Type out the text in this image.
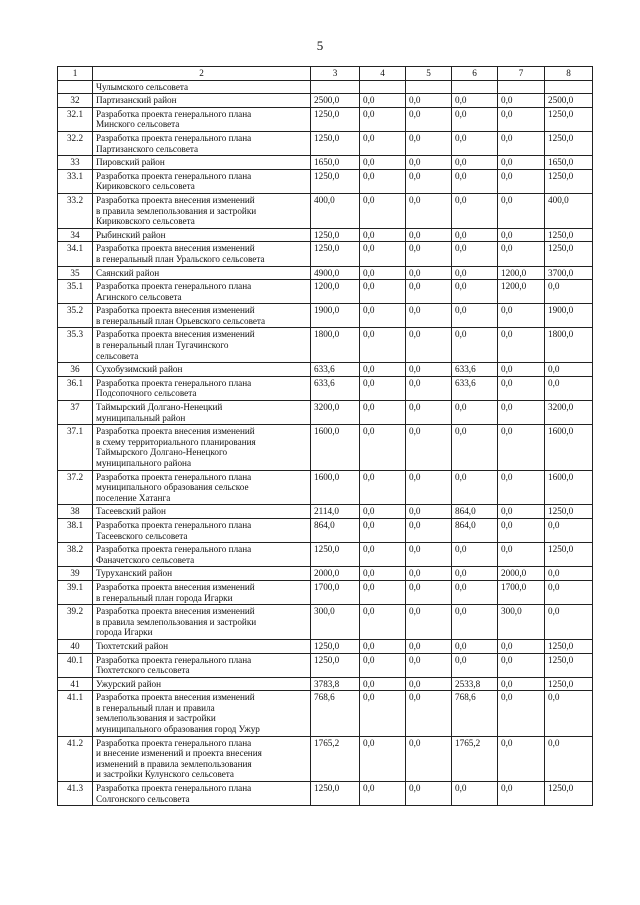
5
1	2	3	4	5	6	7	8
	Чулымского сельсовета						
32	Партизанский район	2500,0	0,0	0,0	0,0	0,0	2500,0
32.1	Разработка проекта генерального плана
Минского сельсовета	1250,0	0,0	0,0	0,0	0,0	1250,0
32.2	Разработка проекта генерального плана
Партизанского сельсовета	1250,0	0,0	0,0	0,0	0,0	1250,0
33	Пировский район	1650,0	0,0	0,0	0,0	0,0	1650,0
33.1	Разработка проекта генерального плана
Кириковского сельсовета	1250,0	0,0	0,0	0,0	0,0	1250,0
33.2	Разработка проекта внесения изменений
в правила землепользования и застройки
Кириковского сельсовета	400,0	0,0	0,0	0,0	0,0	400,0
34	Рыбинский район	1250,0	0,0	0,0	0,0	0,0	1250,0
34.1	Разработка проекта внесения изменений
в генеральный план Уральского сельсовета	1250,0	0,0	0,0	0,0	0,0	1250,0
35	Саянский район	4900,0	0,0	0,0	0,0	1200,0	3700,0
35.1	Разработка проекта генерального плана
Агинского сельсовета	1200,0	0,0	0,0	0,0	1200,0	0,0
35.2	Разработка проекта внесения изменений
в генеральный план Орьевского сельсовета	1900,0	0,0	0,0	0,0	0,0	1900,0
35.3	Разработка проекта внесения изменений
в генеральный план Тугачинского
сельсовета	1800,0	0,0	0,0	0,0	0,0	1800,0
36	Сухобузимский район	633,6	0,0	0,0	633,6	0,0	0,0
36.1	Разработка проекта генерального плана
Подсопочного сельсовета	633,6	0,0	0,0	633,6	0,0	0,0
37	Таймырский Долгано-Ненецкий
муниципальный район	3200,0	0,0	0,0	0,0	0,0	3200,0
37.1	Разработка проекта внесения изменений
в схему территориального планирования
Таймырского Долгано-Ненецкого
муниципального района	1600,0	0,0	0,0	0,0	0,0	1600,0
37.2	Разработка проекта генерального плана
муниципального образования сельское
поселение Хатанга	1600,0	0,0	0,0	0,0	0,0	1600,0
38	Тасеевский район	2114,0	0,0	0,0	864,0	0,0	1250,0
38.1	Разработка проекта генерального плана
Тасеевского сельсовета	864,0	0,0	0,0	864,0	0,0	0,0
38.2	Разработка проекта генерального плана
Фаначетского сельсовета	1250,0	0,0	0,0	0,0	0,0	1250,0
39	Туруханский район	2000,0	0,0	0,0	0,0	2000,0	0,0
39.1	Разработка проекта внесения изменений
в генеральный план города Игарки	1700,0	0,0	0,0	0,0	1700,0	0,0
39.2	Разработка проекта внесения изменений
в правила землепользования и застройки
города Игарки	300,0	0,0	0,0	0,0	300,0	0,0
40	Тюхтетский район	1250,0	0,0	0,0	0,0	0,0	1250,0
40.1	Разработка проекта генерального плана
Тюхтетского сельсовета	1250,0	0,0	0,0	0,0	0,0	1250,0
41	Ужурский район	3783,8	0,0	0,0	2533,8	0,0	1250,0
41.1	Разработка проекта внесения изменений
в генеральный план и правила
землепользования и застройки
муниципального образования город Ужур	768,6	0,0	0,0	768,6	0,0	0,0
41.2	Разработка проекта генерального плана
и внесение изменений и проекта внесения
изменений в правила землепользования
и застройки Кулунского сельсовета	1765,2	0,0	0,0	1765,2	0,0	0,0
41.3	Разработка проекта генерального плана
Солгонского сельсовета	1250,0	0,0	0,0	0,0	0,0	1250,0
